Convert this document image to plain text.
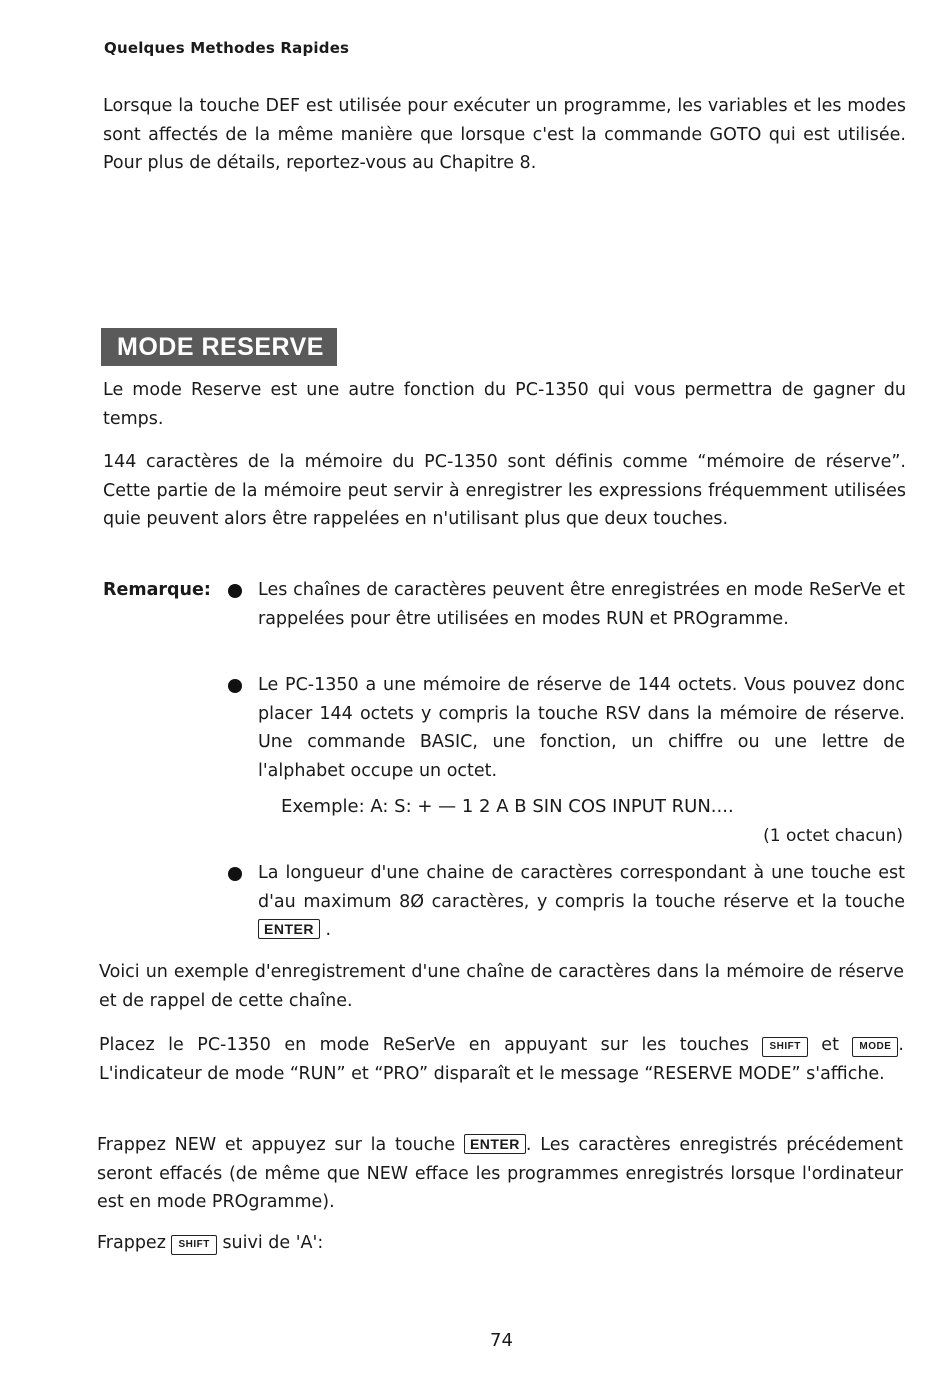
Quelques Methodes Rapides

Lorsque la touche DEF est utilisée pour exécuter un programme, les variables et les modes sont affectés de la même manière que lorsque c'est la commande GOTO qui est utilisée. Pour plus de détails, reportez-vous au Chapitre 8.

MODE RESERVE

Le mode Reserve est une autre fonction du PC-1350 qui vous permettra de gagner du temps.

144 caractères de la mémoire du PC-1350 sont définis comme “mémoire de réserve”. Cette partie de la mémoire peut servir à enregistrer les expressions fréquemment utilisées quie peuvent alors être rappelées en n'utilisant plus que deux touches.

Remarque:	Les chaînes de caractères peuvent être enregistrées en mode ReSerVe et rappelées pour être utilisées en modes RUN et PROgramme.

Le PC-1350 a une mémoire de réserve de 144 octets. Vous pouvez donc placer 144 octets y compris la touche RSV dans la mémoire de réserve. Une commande BASIC, une fonction, un chiffre ou une lettre de l'alphabet occupe un octet.

Exemple: A: S: + — 1 2 A B SIN COS INPUT RUN....
(1 octet chacun)

La longueur d'une chaine de caractères correspondant à une touche est d'au maximum 8Ø caractères, y compris la touche réserve et la touche ENTER .

Voici un exemple d'enregistrement d'une chaîne de caractères dans la mémoire de réserve et de rappel de cette chaîne.

Placez le PC-1350 en mode ReSerVe en appuyant sur les touches SHIFT et MODE . L'indicateur de mode “RUN” et “PRO” disparaît et le message “RESERVE MODE” s'affiche.

Frappez NEW et appuyez sur la touche ENTER . Les caractères enregistrés précédement seront effacés (de même que NEW efface les programmes enregistrés lorsque l'ordinateur est en mode PROgramme).

Frappez SHIFT suivi de 'A':

74
